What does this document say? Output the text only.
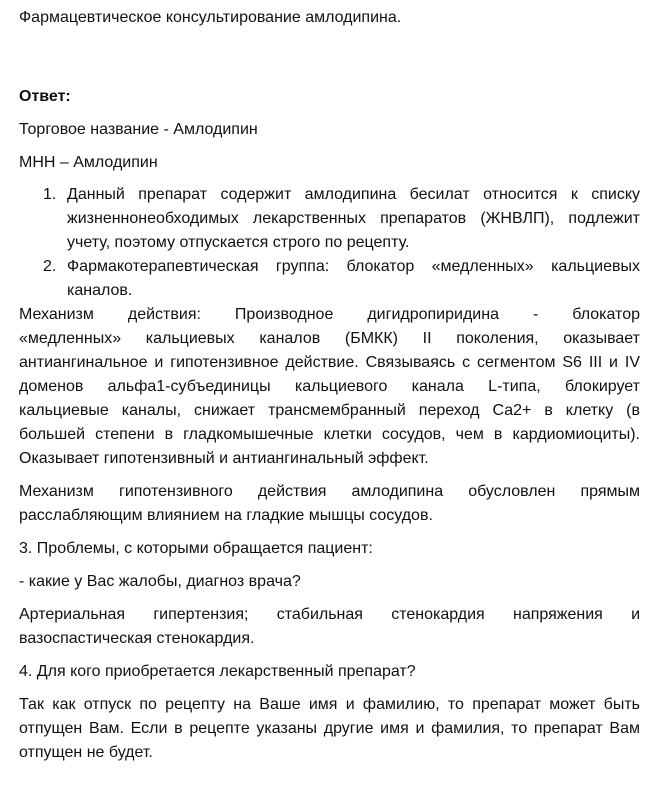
Фармацевтическое консультирование амлодипина.

Ответ:

Торговое название - Амлодипин

МНН – Амлодипин

1. Данный препарат содержит амлодипина бесилат относится к списку

жизненнонеобходимых лекарственных препаратов (ЖНВЛП), подлежит

учету, поэтому отпускается строго по рецепту.

2. Фармакотерапевтическая группа: блокатор «медленных» кальциевых

каналов.

Механизм действия: Производное дигидропиридина - блокатор

«медленных» кальциевых каналов (БМКК) II поколения, оказывает

антиангинальное и гипотензивное действие. Связываясь с сегментом S6 III и IV

доменов альфа1-субъединицы кальциевого канала L-типа, блокирует

кальциевые каналы, снижает трансмембранный переход Са2+ в клетку (в

большей степени в гладкомышечные клетки сосудов, чем в кардиомиоциты).

Оказывает гипотензивный и антиангинальный эффект.

Механизм гипотензивного действия амлодипина обусловлен прямым

расслабляющим влиянием на гладкие мышцы сосудов.

3. Проблемы, с которыми обращается пациент:

- какие у Вас жалобы, диагноз врача?

Артериальная гипертензия; стабильная стенокардия напряжения и

вазоспастическая стенокардия.

4. Для кого приобретается лекарственный препарат?

Так как отпуск по рецепту на Ваше имя и фамилию, то препарат может быть

отпущен Вам. Если в рецепте указаны другие имя и фамилия, то препарат Вам

отпущен не будет.
